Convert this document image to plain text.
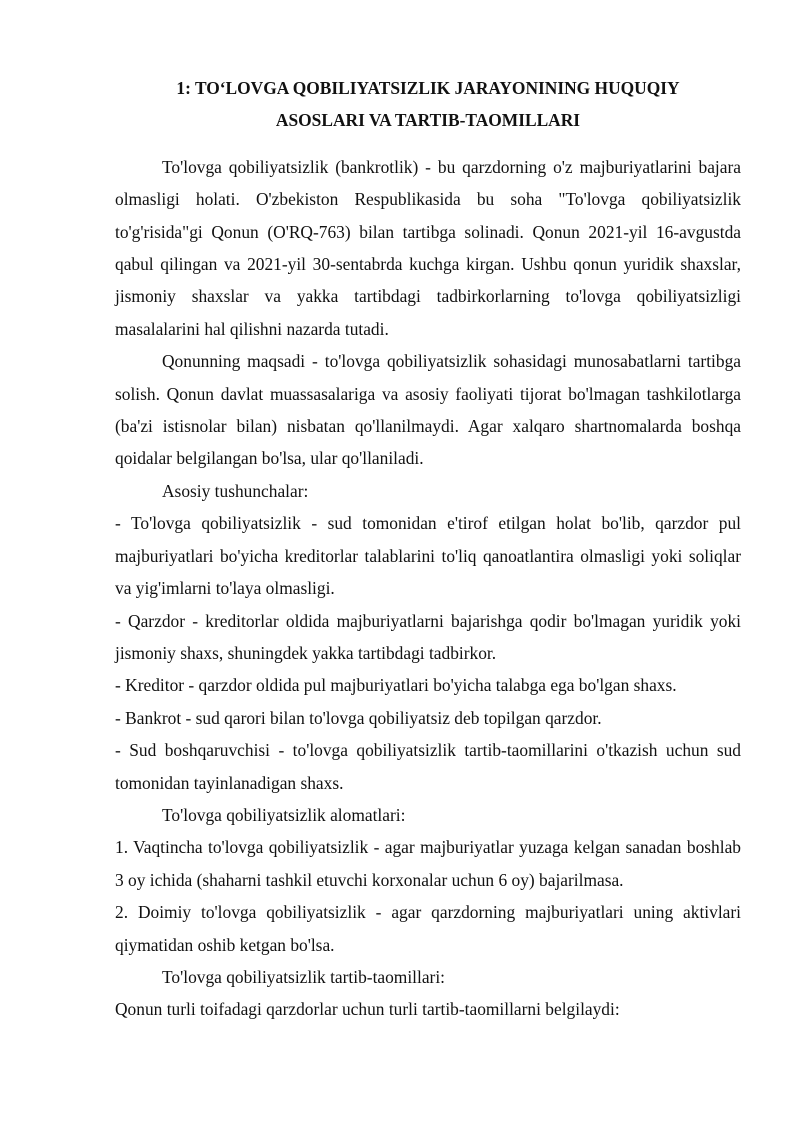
1: TO‘LOVGA QOBILIYATSIZLIK JARAYONINING HUQUQIY
ASOSLARI VA TARTIB-TAOMILLARI

To'lovga qobiliyatsizlik (bankrotlik) - bu qarzdorning o'z majburiyatlarini bajara olmasligi holati. O'zbekiston Respublikasida bu soha "To'lovga qobiliyatsizlik to'g'risida"gi Qonun (O'RQ-763) bilan tartibga solinadi. Qonun 2021-yil 16-avgustda qabul qilingan va 2021-yil 30-sentabrda kuchga kirgan. Ushbu qonun yuridik shaxslar, jismoniy shaxslar va yakka tartibdagi tadbirkorlarning to'lovga qobiliyatsizligi masalalarini hal qilishni nazarda tutadi.

Qonunning maqsadi - to'lovga qobiliyatsizlik sohasidagi munosabatlarni tartibga solish. Qonun davlat muassasalariga va asosiy faoliyati tijorat bo'lmagan tashkilotlarga (ba'zi istisnolar bilan) nisbatan qo'llanilmaydi. Agar xalqaro shartnomalarda boshqa qoidalar belgilangan bo'lsa, ular qo'llaniladi.

Asosiy tushunchalar:

- To'lovga qobiliyatsizlik - sud tomonidan e'tirof etilgan holat bo'lib, qarzdor pul majburiyatlari bo'yicha kreditorlar talablarini to'liq qanoatlantira olmasligi yoki soliqlar va yig'imlarni to'laya olmasligi.

- Qarzdor - kreditorlar oldida majburiyatlarni bajarishga qodir bo'lmagan yuridik yoki jismoniy shaxs, shuningdek yakka tartibdagi tadbirkor.

- Kreditor - qarzdor oldida pul majburiyatlari bo'yicha talabga ega bo'lgan shaxs.

- Bankrot - sud qarori bilan to'lovga qobiliyatsiz deb topilgan qarzdor.

- Sud boshqaruvchisi - to'lovga qobiliyatsizlik tartib-taomillarini o'tkazish uchun sud tomonidan tayinlanadigan shaxs.

To'lovga qobiliyatsizlik alomatlari:

1. Vaqtincha to'lovga qobiliyatsizlik - agar majburiyatlar yuzaga kelgan sanadan boshlab 3 oy ichida (shaharni tashkil etuvchi korxonalar uchun 6 oy) bajarilmasa.

2. Doimiy to'lovga qobiliyatsizlik - agar qarzdorning majburiyatlari uning aktivlari qiymatidan oshib ketgan bo'lsa.

To'lovga qobiliyatsizlik tartib-taomillari:

Qonun turli toifadagi qarzdorlar uchun turli tartib-taomillarni belgilaydi:
